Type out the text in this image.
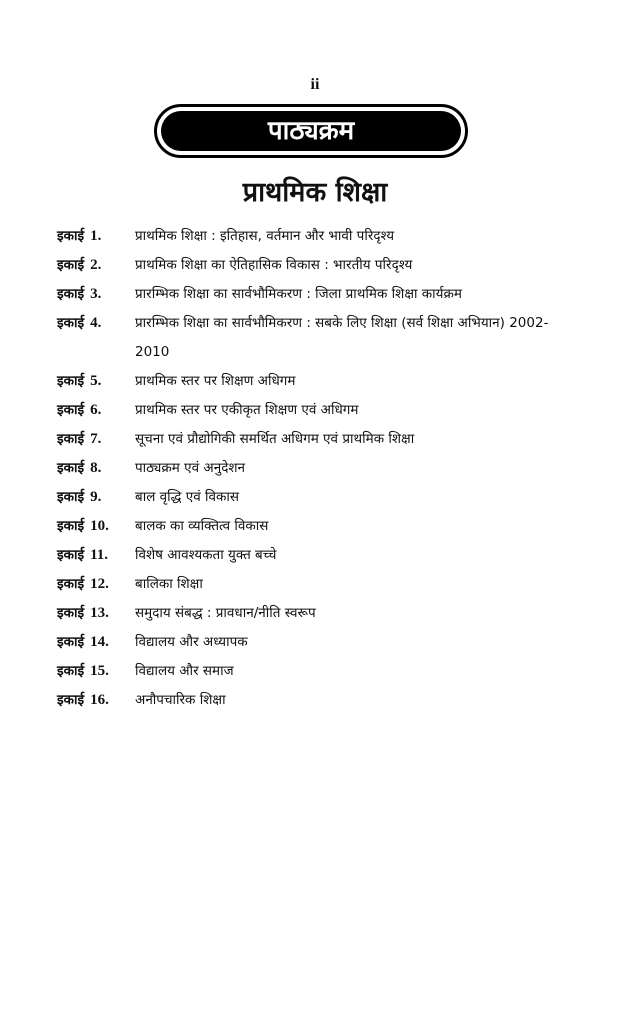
ii
पाठ्यक्रम
प्राथमिक शिक्षा
इकाई 1. प्राथमिक शिक्षा : इतिहास, वर्तमान और भावी परिदृश्य
इकाई 2. प्राथमिक शिक्षा का ऐतिहासिक विकास : भारतीय परिदृश्य
इकाई 3. प्रारम्भिक शिक्षा का सार्वभौमिकरण : जिला प्राथमिक शिक्षा कार्यक्रम
इकाई 4. प्रारम्भिक शिक्षा का सार्वभौमिकरण : सबके लिए शिक्षा (सर्व शिक्षा अभियान) 2002-2010
इकाई 5. प्राथमिक स्तर पर शिक्षण अधिगम
इकाई 6. प्राथमिक स्तर पर एकीकृत शिक्षण एवं अधिगम
इकाई 7. सूचना एवं प्रौद्योगिकी समर्थित अधिगम एवं प्राथमिक शिक्षा
इकाई 8. पाठ्यक्रम एवं अनुदेशन
इकाई 9. बाल वृद्धि एवं विकास
इकाई 10. बालक का व्यक्तित्व विकास
इकाई 11. विशेष आवश्यकता युक्त बच्चे
इकाई 12. बालिका शिक्षा
इकाई 13. समुदाय संबद्ध : प्रावधान/नीति स्वरूप
इकाई 14. विद्यालय और अध्यापक
इकाई 15. विद्यालय और समाज
इकाई 16. अनौपचारिक शिक्षा
